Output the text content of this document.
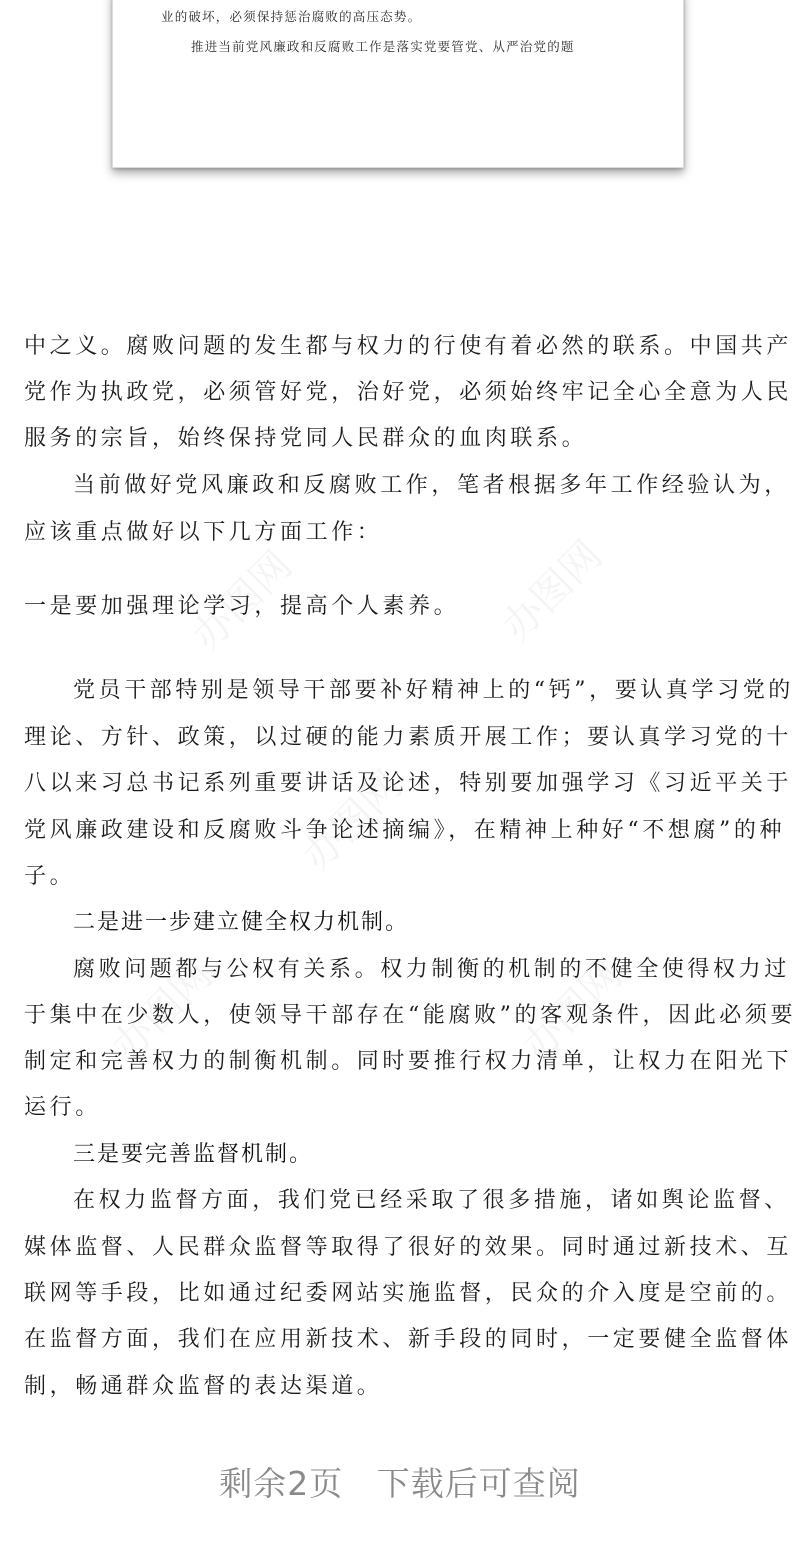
业的破坏，必须保持惩治腐败的高压态势。
推进当前党风廉政和反腐败工作是落实党要管党、从严治党的题
办图网	办图网
办图网
办图网	办图网
中之义。腐败问题的发生都与权力的行使有着必然的联系。中国共产
党作为执政党，必须管好党，治好党，必须始终牢记全心全意为人民
服务的宗旨，始终保持党同人民群众的血肉联系。
当前做好党风廉政和反腐败工作，笔者根据多年工作经验认为，
应该重点做好以下几方面工作：
一是要加强理论学习，提高个人素养。
党员干部特别是领导干部要补好精神上的“钙”，要认真学习党的
理论、方针、政策，以过硬的能力素质开展工作；要认真学习党的十
八以来习总书记系列重要讲话及论述，特别要加强学习《习近平关于
党风廉政建设和反腐败斗争论述摘编》，在精神上种好“不想腐”的种
子。
二是进一步建立健全权力机制。
腐败问题都与公权有关系。权力制衡的机制的不健全使得权力过
于集中在少数人，使领导干部存在“能腐败”的客观条件，因此必须要
制定和完善权力的制衡机制。同时要推行权力清单，让权力在阳光下
运行。
三是要完善监督机制。
在权力监督方面，我们党已经采取了很多措施，诸如舆论监督、
媒体监督、人民群众监督等取得了很好的效果。同时通过新技术、互
联网等手段，比如通过纪委网站实施监督，民众的介入度是空前的。
在监督方面，我们在应用新技术、新手段的同时，一定要健全监督体
制，畅通群众监督的表达渠道。
剩余2页 下载后可查阅
